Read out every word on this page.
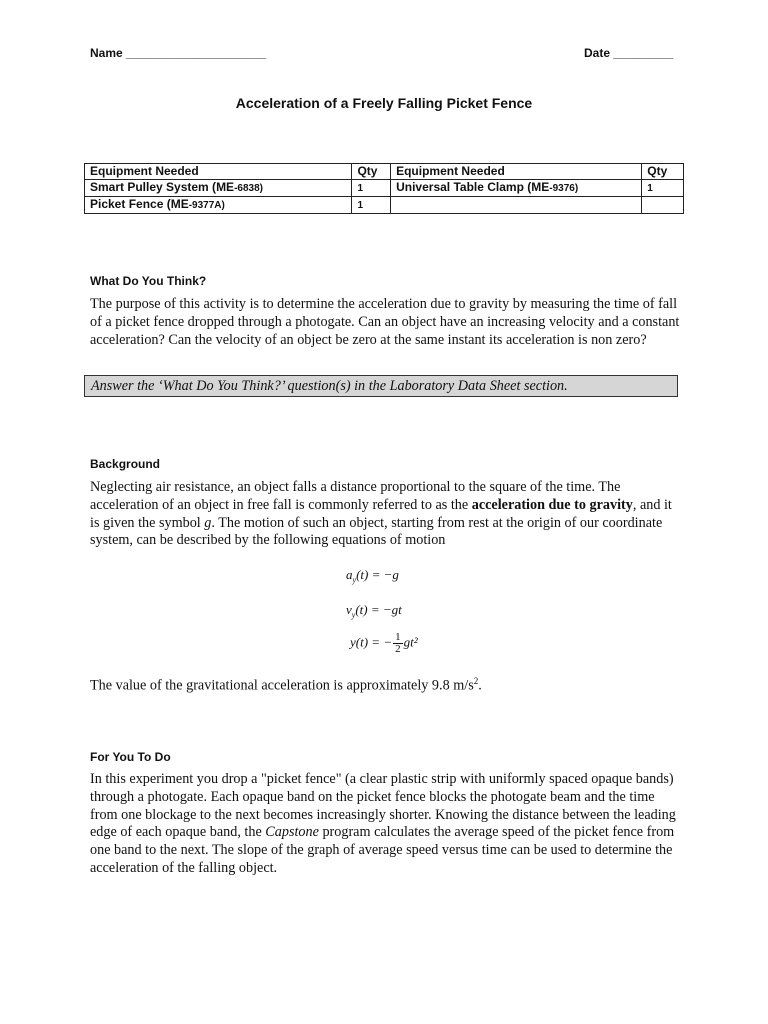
Name _____________________	Date _________
Acceleration of a Freely Falling Picket Fence
Equipment Needed	Qty	Equipment Needed	Qty
Smart Pulley System (ME-6838)	1	Universal Table Clamp (ME-9376)	1
Picket Fence (ME-9377A)	1		
What Do You Think?
The purpose of this activity is to determine the acceleration due to gravity by measuring the time of fall of a picket fence dropped through a photogate. Can an object have an increasing velocity and a constant acceleration? Can the velocity of an object be zero at the same instant its acceleration is non zero?
Answer the ‘What Do You Think?’ question(s) in the Laboratory Data Sheet section.
Background
Neglecting air resistance, an object falls a distance proportional to the square of the time. The acceleration of an object in free fall is commonly referred to as the acceleration due to gravity, and it is given the symbol g. The motion of such an object, starting from rest at the origin of our coordinate system, can be described by the following equations of motion
$a_y(t) = -g$
$v_y(t) = -gt$
y(t) = − $\frac{1}{2} gt^2$
The value of the gravitational acceleration is approximately 9.8 $m/s^2$.
For You To Do
In this experiment you drop a "picket fence" (a clear plastic strip with uniformly spaced opaque bands) through a photogate. Each opaque band on the picket fence blocks the photogate beam and the time from one blockage to the next becomes increasingly shorter. Knowing the distance between the leading edge of each opaque band, the Capstone program calculates the average speed of the picket fence from one band to the next. The slope of the graph of average speed versus time can be used to determine the acceleration of the falling object.
